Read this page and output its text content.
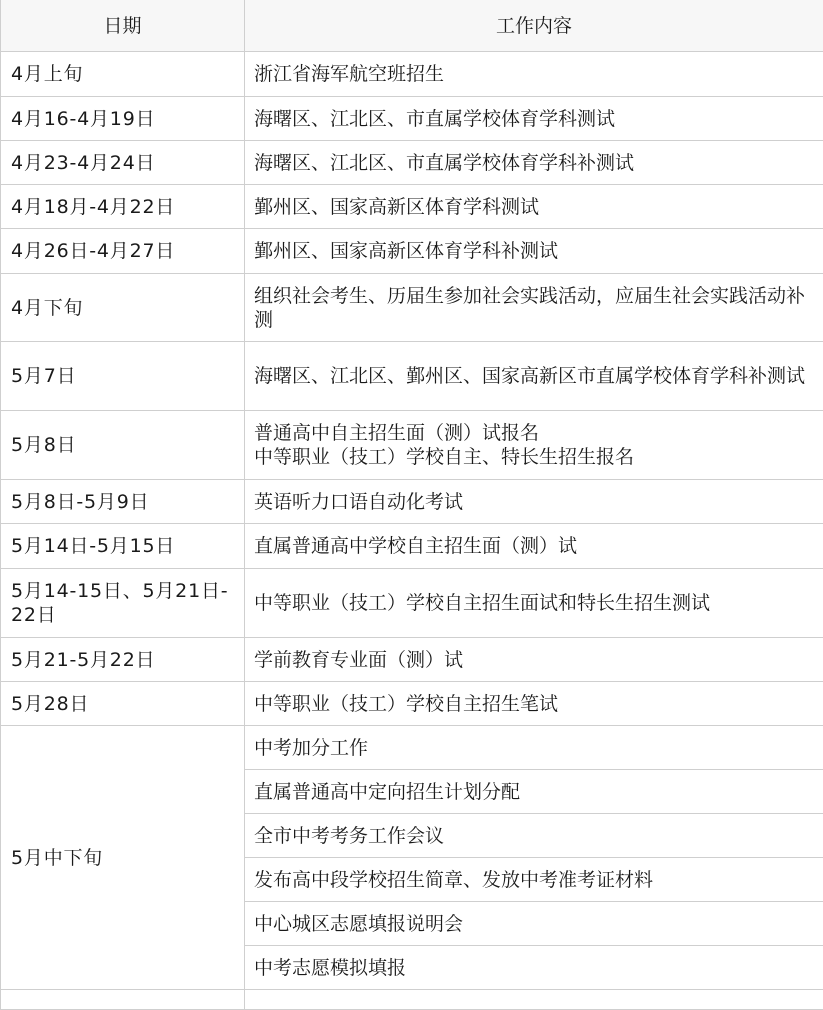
日期	工作内容
4月上旬	浙江省海军航空班招生
4月16-4月19日	海曙区、江北区、市直属学校体育学科测试
4月23-4月24日	海曙区、江北区、市直属学校体育学科补测试
4月18月-4月22日	鄞州区、国家高新区体育学科测试
4月26日-4月27日	鄞州区、国家高新区体育学科补测试
4月下旬	组织社会考生、历届生参加社会实践活动，应届生社会实践活动补测
5月7日	海曙区、江北区、鄞州区、国家高新区市直属学校体育学科补测试
5月8日	普通高中自主招生面（测）试报名
中等职业（技工）学校自主、特长生招生报名

5月8日-5月9日	英语听力口语自动化考试
5月14日-5月15日	直属普通高中学校自主招生面（测）试
5月14-15日、5月21日-22日	中等职业（技工）学校自主招生面试和特长生招生测试
5月21-5月22日	学前教育专业面（测）试
5月28日	中等职业（技工）学校自主招生笔试
5月中下旬	中考加分工作
	直属普通高中定向招生计划分配
	全市中考考务工作会议
	发布高中段学校招生简章、发放中考准考证材料
	中心城区志愿填报说明会
	中考志愿模拟填报
